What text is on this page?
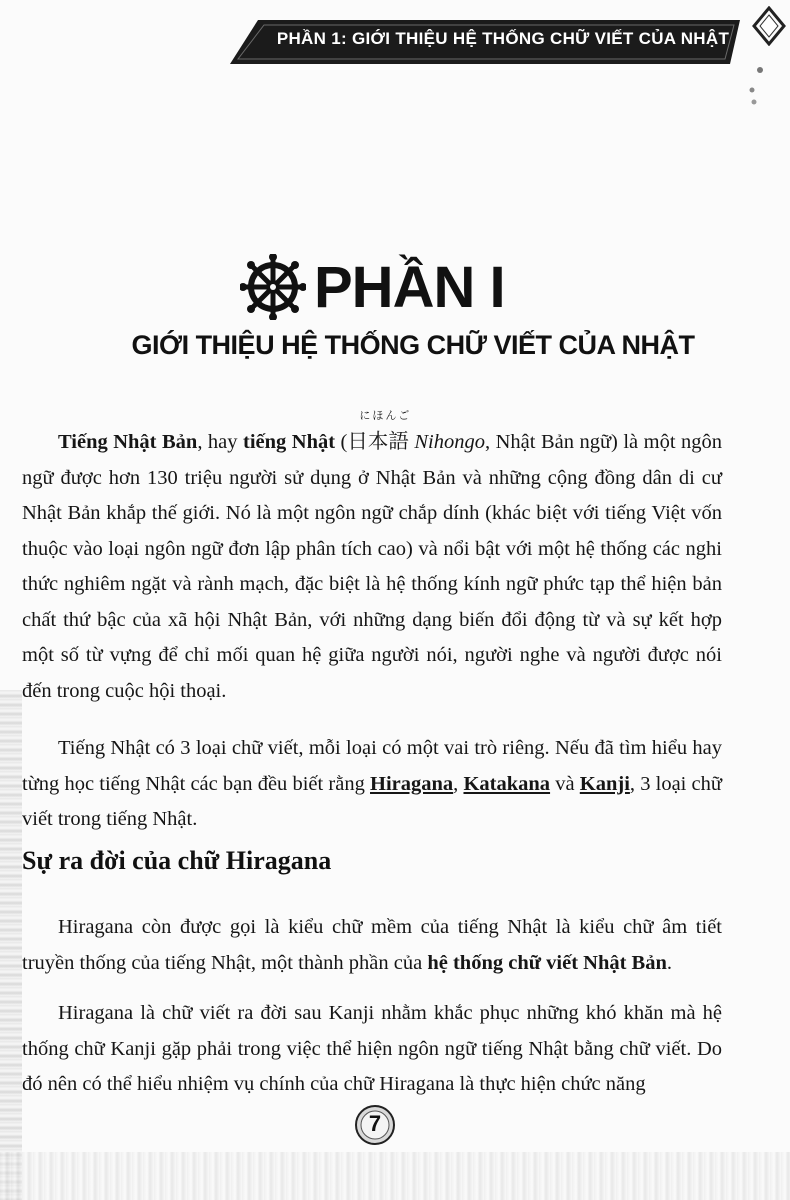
PHẦN 1: GIỚI THIỆU HỆ THỐNG CHỮ VIẾT CỦA NHẬT
PHẦN I
GIỚI THIỆU HỆ THỐNG CHỮ VIẾT CỦA NHẬT
Tiếng Nhật Bản, hay tiếng Nhật (
にほんご
日本語 Nihongo, Nhật Bản ngữ) là một ngôn ngữ được hơn 130 triệu người sử dụng ở Nhật Bản và những cộng đồng dân di cư Nhật Bản khắp thế giới. Nó là một ngôn ngữ chắp dính (khác biệt với tiếng Việt vốn thuộc vào loại ngôn ngữ đơn lập phân tích cao) và nổi bật với một hệ thống các nghi thức nghiêm ngặt và rành mạch, đặc biệt là hệ thống kính ngữ phức tạp thể hiện bản chất thứ bậc của xã hội Nhật Bản, với những dạng biến đổi động từ và sự kết hợp một số từ vựng để chỉ mối quan hệ giữa người nói, người nghe và người được nói đến trong cuộc hội thoại.
Tiếng Nhật có 3 loại chữ viết, mỗi loại có một vai trò riêng. Nếu đã tìm hiểu hay từng học tiếng Nhật các bạn đều biết rằng Hiragana, Katakana và Kanji, 3 loại chữ viết trong tiếng Nhật.
Sự ra đời của chữ Hiragana
Hiragana còn được gọi là kiểu chữ mềm của tiếng Nhật là kiểu chữ âm tiết truyền thống của tiếng Nhật, một thành phần của hệ thống chữ viết Nhật Bản.
Hiragana là chữ viết ra đời sau Kanji nhằm khắc phục những khó khăn mà hệ thống chữ Kanji gặp phải trong việc thể hiện ngôn ngữ tiếng Nhật bằng chữ viết. Do đó nên có thể hiểu nhiệm vụ chính của chữ Hiragana là thực hiện chức năng
7
